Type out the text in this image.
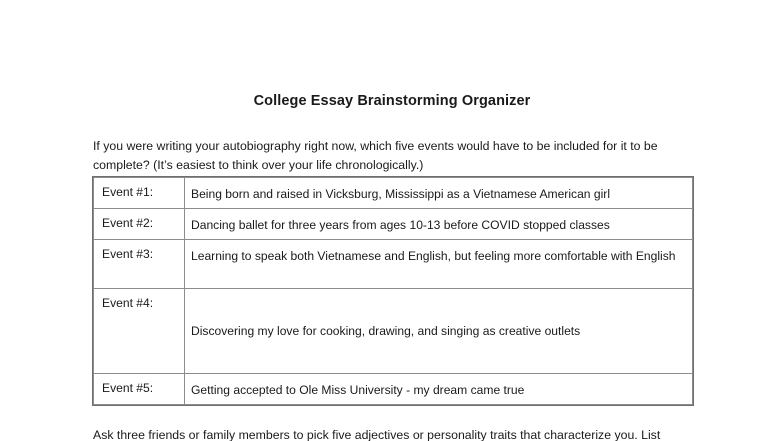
College Essay Brainstorming Organizer
If you were writing your autobiography right now, which five events would have to be included for it to be complete? (It’s easiest to think over your life chronologically.)
Event #1:	Being born and raised in Vicksburg, Mississippi as a Vietnamese American girl
Event #2:	Dancing ballet for three years from ages 10-13 before COVID stopped classes
Event #3:	Learning to speak both Vietnamese and English, but feeling more comfortable with English
Event #4:	Discovering my love for cooking, drawing, and singing as creative outlets
Event #5:	Getting accepted to Ole Miss University - my dream came true
Ask three friends or family members to pick five adjectives or personality traits that characterize you. List
